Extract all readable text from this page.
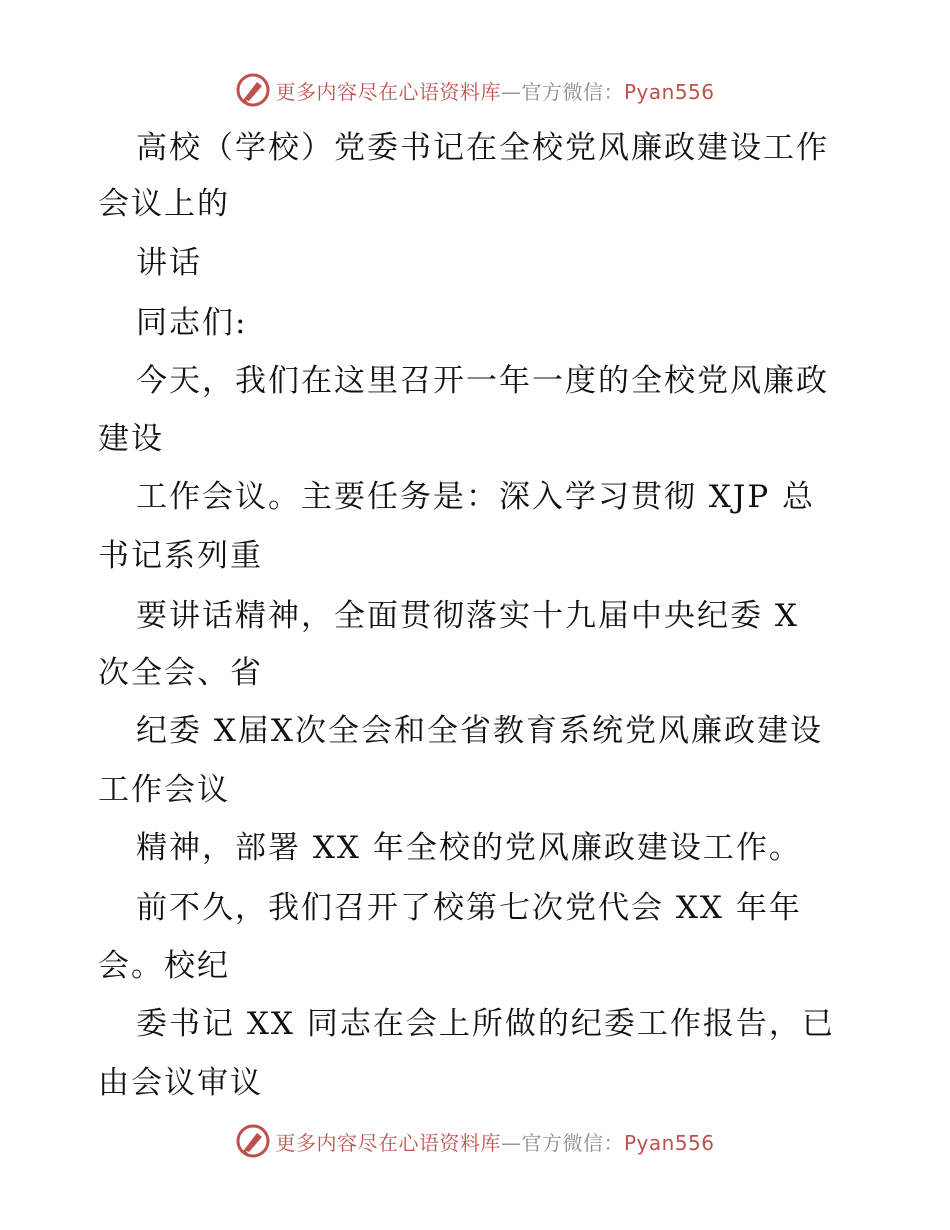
更多内容尽在心语资料库—官方微信：Pyan556
高校（学校）党委书记在全校党风廉政建设工作
会议上的
讲话
同志们:
今天，我们在这里召开一年一度的全校党风廉政
建设
工作会议。主要任务是：深入学习贯彻 XJP 总
书记系列重
要讲话精神，全面贯彻落实十九届中央纪委 X
次全会、省
纪委 X届X次全会和全省教育系统党风廉政建设
工作会议
精神，部署 XX 年全校的党风廉政建设工作。
前不久，我们召开了校第七次党代会 XX 年年
会。校纪
委书记 XX 同志在会上所做的纪委工作报告，已
由会议审议
更多内容尽在心语资料库—官方微信：Pyan556
